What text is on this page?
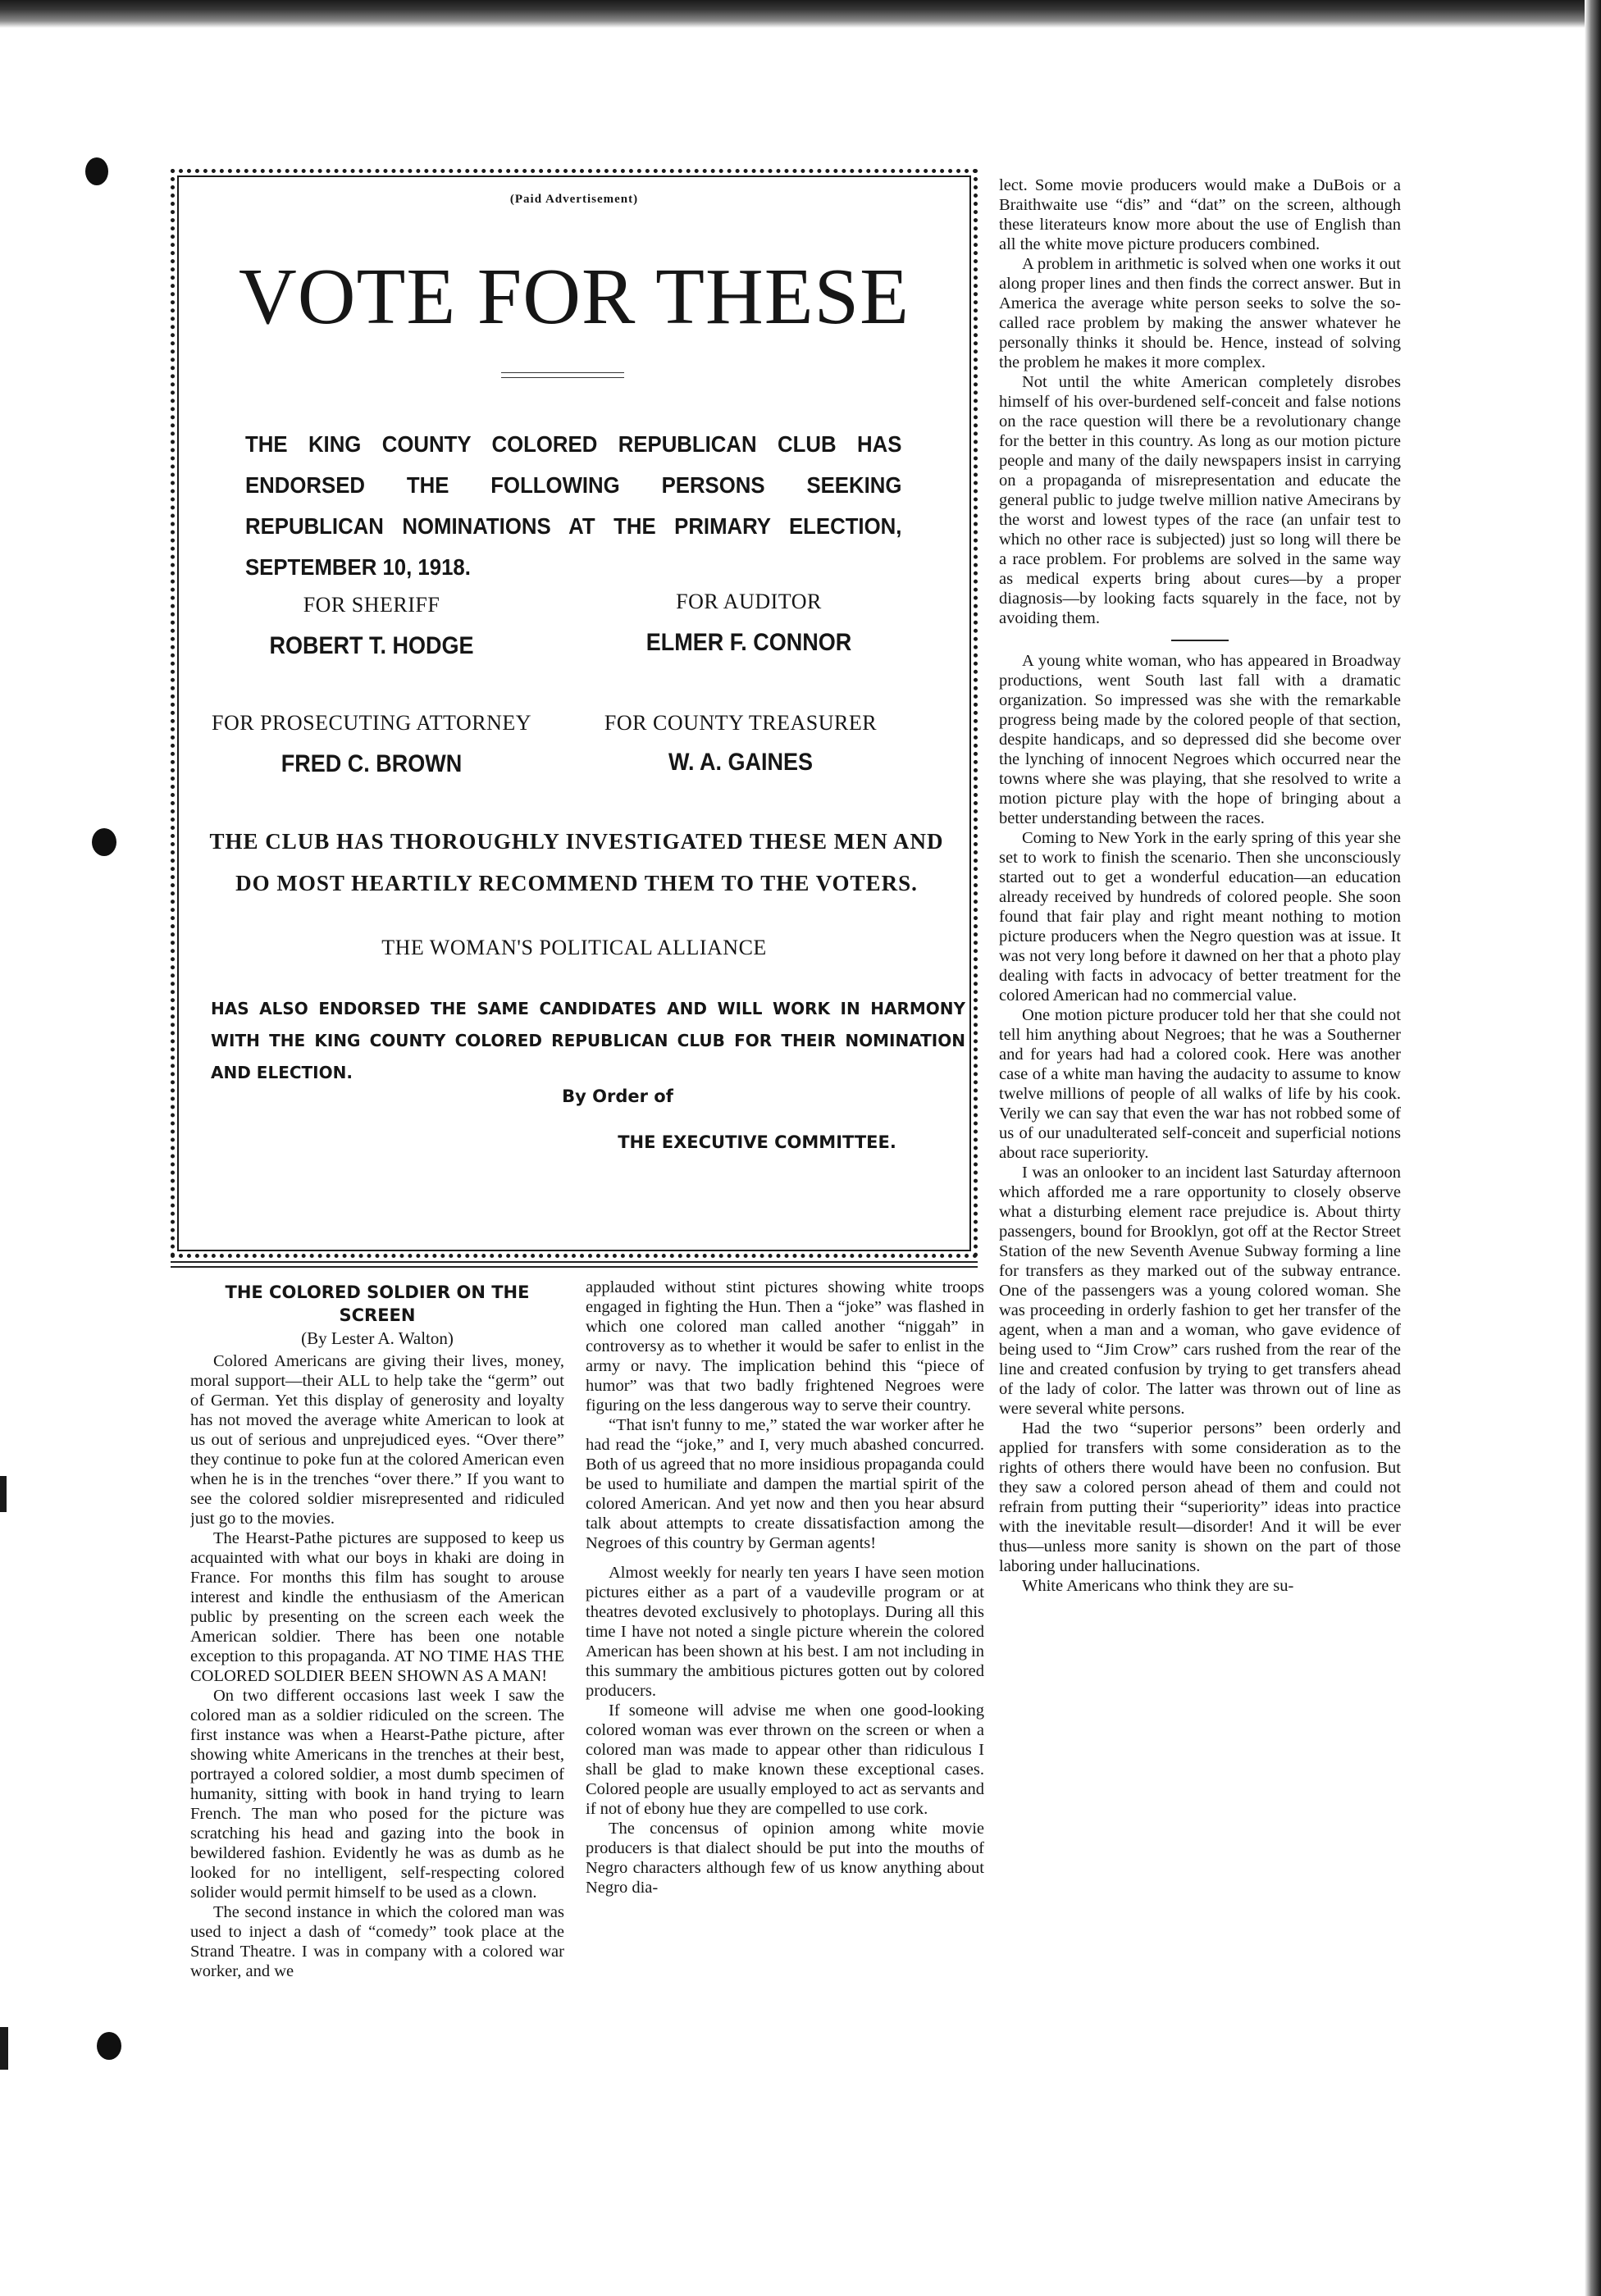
(Paid Advertisement)
VOTE FOR THESE
THE KING COUNTY COLORED REPUBLICAN CLUB HAS ENDORSED THE FOLLOWING PERSONS SEEKING REPUBLICAN NOMINATIONS AT THE PRIMARY ELECTION, SEPTEMBER 10, 1918.
FOR SHERIFF
ROBERT T. HODGE
FOR AUDITOR
ELMER F. CONNOR
FOR PROSECUTING ATTORNEY
FRED C. BROWN
FOR COUNTY TREASURER
W. A. GAINES
THE CLUB HAS THOROUGHLY INVESTIGATED THESE MEN AND DO MOST HEARTILY RECOMMEND THEM TO THE VOTERS.
THE WOMAN'S POLITICAL ALLIANCE
HAS ALSO ENDORSED THE SAME CANDIDATES AND WILL WORK IN HARMONY WITH THE KING COUNTY COLORED REPUBLICAN CLUB FOR THEIR NOMINATION AND ELECTION.
By Order of
THE EXECUTIVE COMMITTEE.
THE COLORED SOLDIER ON THE SCREEN
(By Lester A. Walton)

Colored Americans are giving their lives, money, moral support—their ALL to help take the “germ” out of German. Yet this display of generosity and loyalty has not moved the average white American to look at us out of serious and unprejudiced eyes. “Over there” they continue to poke fun at the colored American even when he is in the trenches “over there.” If you want to see the colored soldier misrepresented and ridiculed just go to the movies.

The Hearst-Pathe pictures are supposed to keep us acquainted with what our boys in khaki are doing in France. For months this film has sought to arouse interest and kindle the enthusiasm of the American public by presenting on the screen each week the American soldier. There has been one notable exception to this propaganda. AT NO TIME HAS THE COLORED SOLDIER BEEN SHOWN AS A MAN!

On two different occasions last week I saw the colored man as a soldier ridiculed on the screen. The first instance was when a Hearst-Pathe picture, after showing white Americans in the trenches at their best, portrayed a colored soldier, a most dumb specimen of humanity, sitting with book in hand trying to learn French. The man who posed for the picture was scratching his head and gazing into the book in bewildered fashion. Evidently he was as dumb as he looked for no intelligent, self-respecting colored solider would permit himself to be used as a clown.

The second instance in which the colored man was used to inject a dash of “comedy” took place at the Strand Theatre. I was in company with a colored war worker, and we

applauded without stint pictures showing white troops engaged in fighting the Hun. Then a “joke” was flashed in which one colored man called another “niggah” in controversy as to whether it would be safer to enlist in the army or navy. The implication behind this “piece of humor” was that two badly frightened Negroes were figuring on the less dangerous way to serve their country.

“That isn't funny to me,” stated the war worker after he had read the “joke,” and I, very much abashed concurred. Both of us agreed that no more insidious propaganda could be used to humiliate and dampen the martial spirit of the colored American. And yet now and then you hear absurd talk about attempts to create dissatisfaction among the Negroes of this country by German agents!

Almost weekly for nearly ten years I have seen motion pictures either as a part of a vaudeville program or at theatres devoted exclusively to photoplays. During all this time I have not noted a single picture wherein the colored American has been shown at his best. I am not including in this summary the ambitious pictures gotten out by colored producers.

If someone will advise me when one good-looking colored woman was ever thrown on the screen or when a colored man was made to appear other than ridiculous I shall be glad to make known these exceptional cases. Colored people are usually employed to act as servants and if not of ebony hue they are compelled to use cork.

The concensus of opinion among white movie producers is that dialect should be put into the mouths of Negro characters although few of us know anything about Negro dia-

lect. Some movie producers would make a DuBois or a Braithwaite use “dis” and “dat” on the screen, although these literateurs know more about the use of English than all the white move picture producers combined.

A problem in arithmetic is solved when one works it out along proper lines and then finds the correct answer. But in America the average white person seeks to solve the so-called race problem by making the answer whatever he personally thinks it should be. Hence, instead of solving the problem he makes it more complex.

Not until the white American completely disrobes himself of his over-burdened self-conceit and false notions on the race question will there be a revolutionary change for the better in this country. As long as our motion picture people and many of the daily newspapers insist in carrying on a propaganda of misrepresentation and educate the general public to judge twelve million native Amecirans by the worst and lowest types of the race (an unfair test to which no other race is subjected) just so long will there be a race problem. For problems are solved in the same way as medical experts bring about cures—by a proper diagnosis—by looking facts squarely in the face, not by avoiding them.

A young white woman, who has appeared in Broadway productions, went South last fall with a dramatic organization. So impressed was she with the remarkable progress being made by the colored people of that section, despite handicaps, and so depressed did she become over the lynching of innocent Negroes which occurred near the towns where she was playing, that she resolved to write a motion picture play with the hope of bringing about a better understanding between the races.

Coming to New York in the early spring of this year she set to work to finish the scenario. Then she unconsciously started out to get a wonderful education—an education already received by hundreds of colored people. She soon found that fair play and right meant nothing to motion picture producers when the Negro question was at issue. It was not very long before it dawned on her that a photo play dealing with facts in advocacy of better treatment for the colored American had no commercial value.

One motion picture producer told her that she could not tell him anything about Negroes; that he was a Southerner and for years had had a colored cook. Here was another case of a white man having the audacity to assume to know twelve millions of people of all walks of life by his cook. Verily we can say that even the war has not robbed some of us of our unadulterated self-conceit and superficial notions about race superiority.

I was an onlooker to an incident last Saturday afternoon which afforded me a rare opportunity to closely observe what a disturbing element race prejudice is. About thirty passengers, bound for Brooklyn, got off at the Rector Street Station of the new Seventh Avenue Subway forming a line for transfers as they marked out of the subway entrance. One of the passengers was a young colored woman. She was proceeding in orderly fashion to get her transfer of the agent, when a man and a woman, who gave evidence of being used to “Jim Crow” cars rushed from the rear of the line and created confusion by trying to get transfers ahead of the lady of color. The latter was thrown out of line as were several white persons.

Had the two “superior persons” been orderly and applied for transfers with some consideration as to the rights of others there would have been no confusion. But they saw a colored person ahead of them and could not refrain from putting their “superiority” ideas into practice with the inevitable result—disorder! And it will be ever thus—unless more sanity is shown on the part of those laboring under hallucinations.

White Americans who think they are su-
